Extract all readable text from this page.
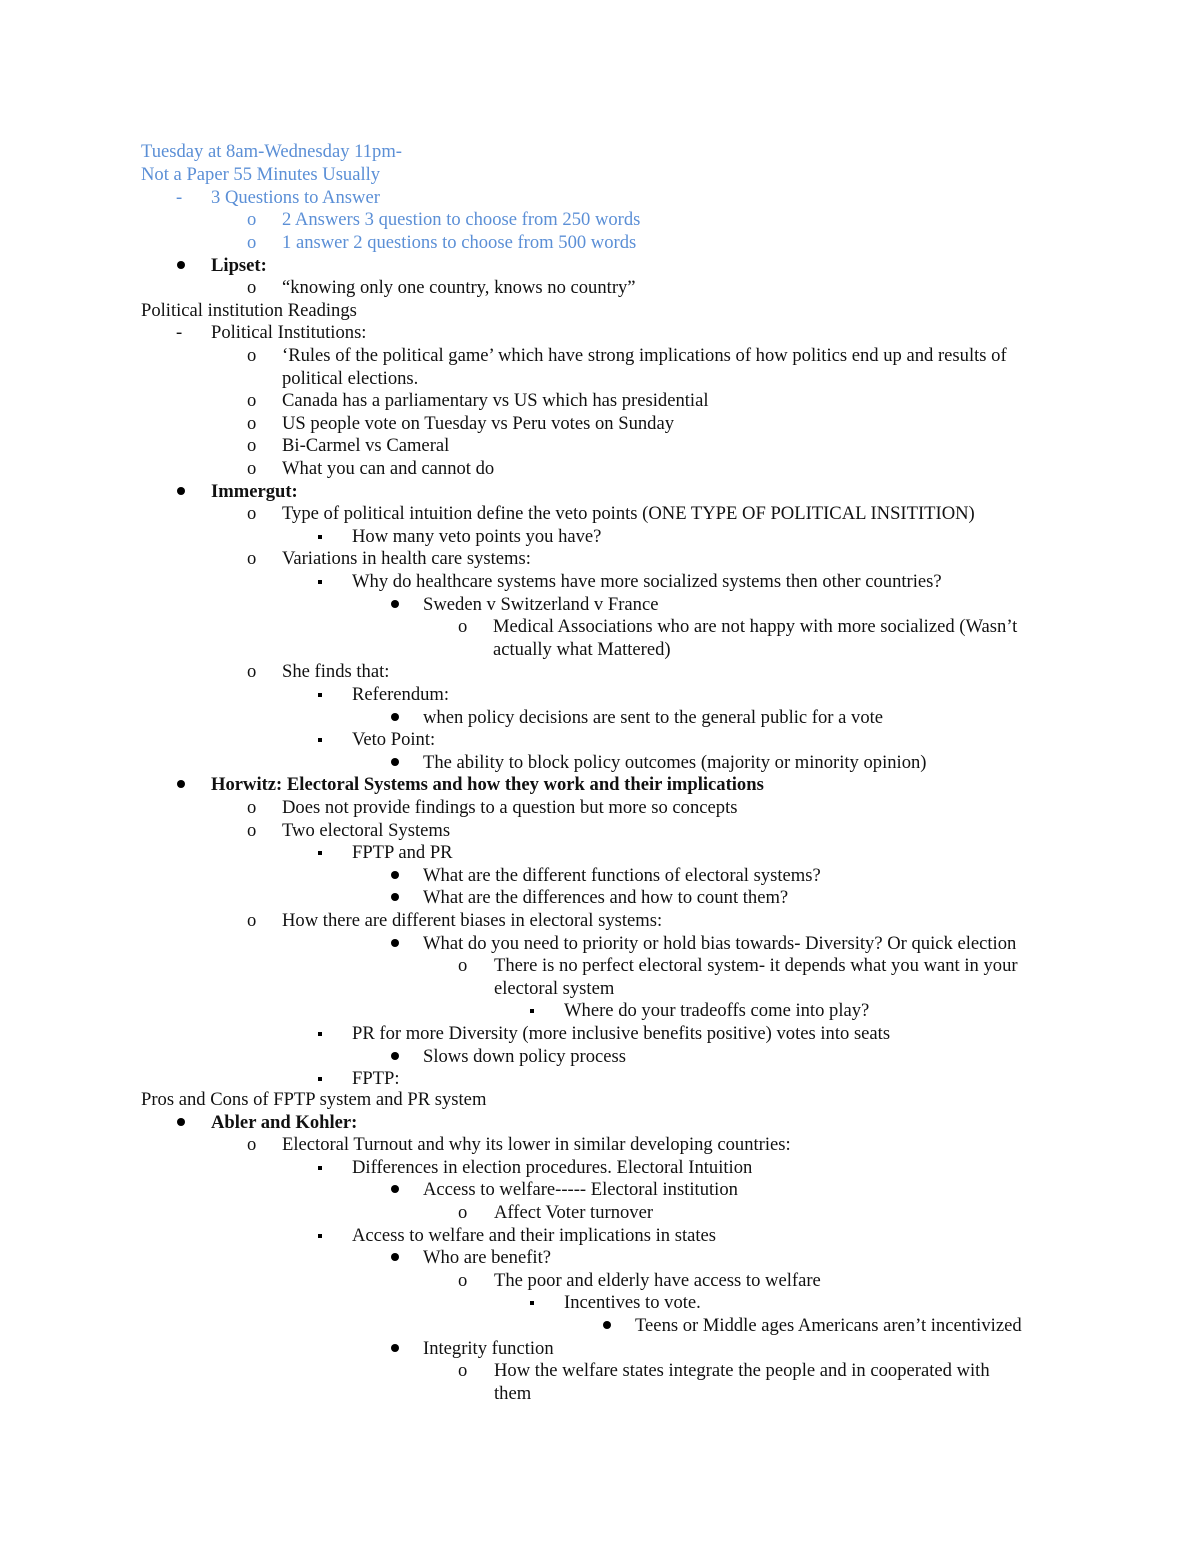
Tuesday at 8am-Wednesday 11pm-
Not a Paper 55 Minutes Usually
- 3 Questions to Answer
o 2 Answers 3 question to choose from 250 words
o 1 answer 2 questions to choose from 500 words
Lipset:
o “knowing only one country, knows no country”
Political institution Readings
- Political Institutions:
o ‘Rules of the political game’ which have strong implications of how politics end up and results of
political elections.
o Canada has a parliamentary vs US which has presidential
o US people vote on Tuesday vs Peru votes on Sunday
o Bi-Carmel vs Cameral
o What you can and cannot do
Immergut:
o Type of political intuition define the veto points (ONE TYPE OF POLITICAL INSITITION)
How many veto points you have?
o Variations in health care systems:
Why do healthcare systems have more socialized systems then other countries?
Sweden v Switzerland v France
o Medical Associations who are not happy with more socialized (Wasn’t
actually what Mattered)
o She finds that:
Referendum:
when policy decisions are sent to the general public for a vote
Veto Point:
The ability to block policy outcomes (majority or minority opinion)
Horwitz: Electoral Systems and how they work and their implications
o Does not provide findings to a question but more so concepts
o Two electoral Systems
FPTP and PR
What are the different functions of electoral systems?
What are the differences and how to count them?
o How there are different biases in electoral systems:
What do you need to priority or hold bias towards- Diversity? Or quick election
o There is no perfect electoral system- it depends what you want in your
electoral system
Where do your tradeoffs come into play?
PR for more Diversity (more inclusive benefits positive) votes into seats
Slows down policy process
FPTP:
Pros and Cons of FPTP system and PR system
Abler and Kohler:
o Electoral Turnout and why its lower in similar developing countries:
Differences in election procedures. Electoral Intuition
Access to welfare----- Electoral institution
o Affect Voter turnover
Access to welfare and their implications in states
Who are benefit?
o The poor and elderly have access to welfare
Incentives to vote.
Teens or Middle ages Americans aren’t incentivized
Integrity function
o How the welfare states integrate the people and in cooperated with
them
